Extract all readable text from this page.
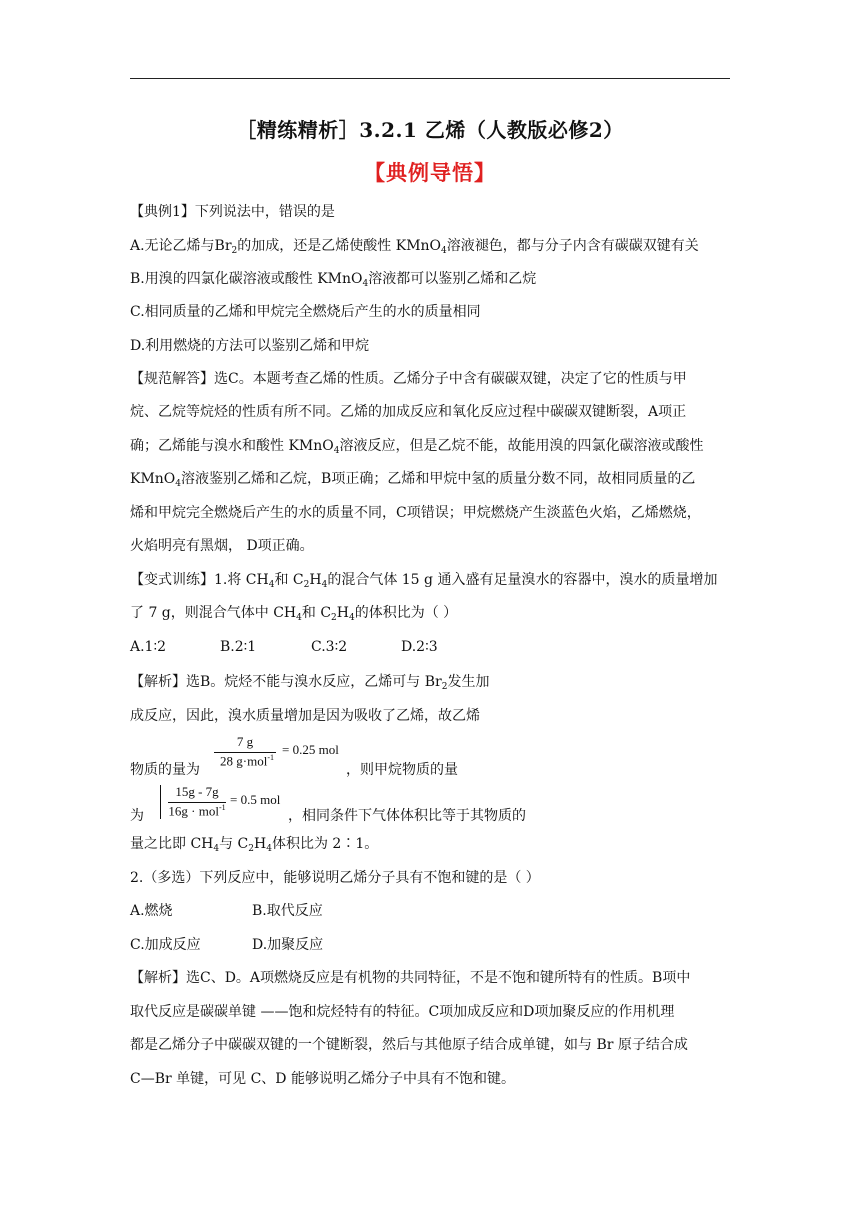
［精练精析］3.2.1 乙烯（人教版必修2）
【典例导悟】
【典例1】下列说法中，错误的是
A.无论乙烯与$Br_2$的加成，还是乙烯使酸性 KMnO$_4$溶液褪色，都与分子内含有碳碳双键有关
B.用溴的四氯化碳溶液或酸性 KMnO$_4$溶液都可以鉴别乙烯和乙烷
C.相同质量的乙烯和甲烷完全燃烧后产生的水的质量相同
D.利用燃烧的方法可以鉴别乙烯和甲烷
【规范解答】选C。本题考查乙烯的性质。乙烯分子中含有碳碳双键，决定了它的性质与甲
烷、乙烷等烷烃的性质有所不同。乙烯的加成反应和氧化反应过程中碳碳双键断裂，A项正
确；乙烯能与溴水和酸性 KMnO$_4$溶液反应，但是乙烷不能，故能用溴的四氯化碳溶液或酸性
KMnO$_4$溶液鉴别乙烯和乙烷，B项正确；乙烯和甲烷中氢的质量分数不同，故相同质量的乙
烯和甲烷完全燃烧后产生的水的质量不同，C项错误；甲烷燃烧产生淡蓝色火焰，乙烯燃烧，
火焰明亮有黑烟， D项正确。
【变式训练】1.将 $CH_4$和 $C_2H_4$的混合气体 15 g 通入盛有足量溴水的容器中，溴水的质量增加
了 7 g，则混合气体中 $CH_4$和 $C_2H_4$的体积比为（ ）
A.1∶2	B.2∶1	C.3∶2	D.2∶3
【解析】选B。烷烃不能与溴水反应，乙烯可与 $Br_2$发生加
成反应，因此，溴水质量增加是因为吸收了乙烯，故乙烯
物质的量为
7 g
28 g·mol$^{-1}$
= 0.25 mol
，则甲烷物质的量
为
15g - 7g
16g · mol$^{-1}$
= 0.5 mol
，相同条件下气体体积比等于其物质的
量之比即 $CH_4$与 $C_2H_4$体积比为 2∶1。
2.（多选）下列反应中，能够说明乙烯分子具有不饱和键的是（ ）
A.燃烧	B.取代反应
C.加成反应	D.加聚反应
【解析】选C、D。A项燃烧反应是有机物的共同特征，不是不饱和键所特有的性质。B项中
取代反应是碳碳单键 ——饱和烷烃特有的特征。C项加成反应和D项加聚反应的作用机理
都是乙烯分子中碳碳双键的一个键断裂，然后与其他原子结合成单键，如与 Br 原子结合成
C—Br 单键，可见 C、D 能够说明乙烯分子中具有不饱和键。
